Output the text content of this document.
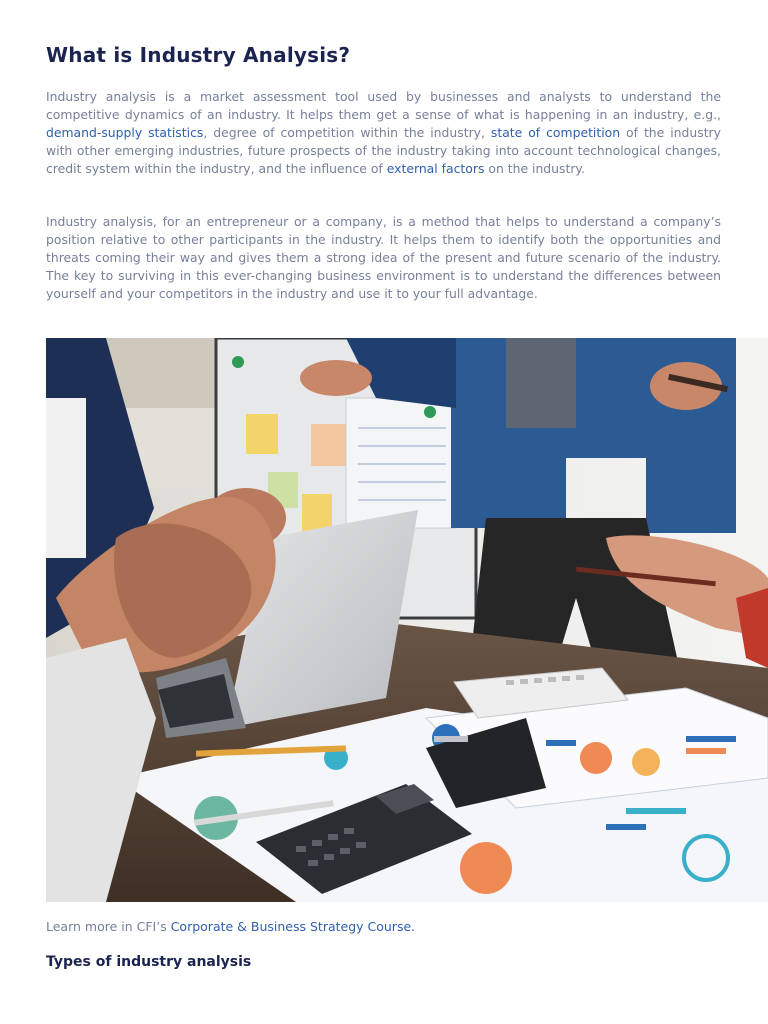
What is Industry Analysis?

Industry analysis is a market assessment tool used by businesses and analysts to understand the competitive dynamics of an industry. It helps them get a sense of what is happening in an industry, e.g., demand-supply statistics, degree of competition within the industry, state of competition of the industry with other emerging industries, future prospects of the industry taking into account technological changes, credit system within the industry, and the influence of external factors on the industry.

Industry analysis, for an entrepreneur or a company, is a method that helps to understand a company’s position relative to other participants in the industry. It helps them to identify both the opportunities and threats coming their way and gives them a strong idea of the present and future scenario of the industry. The key to surviving in this ever-changing business environment is to understand the differences between yourself and your competitors in the industry and use it to your full advantage.

Learn more in CFI’s Corporate & Business Strategy Course.

Types of industry analysis
